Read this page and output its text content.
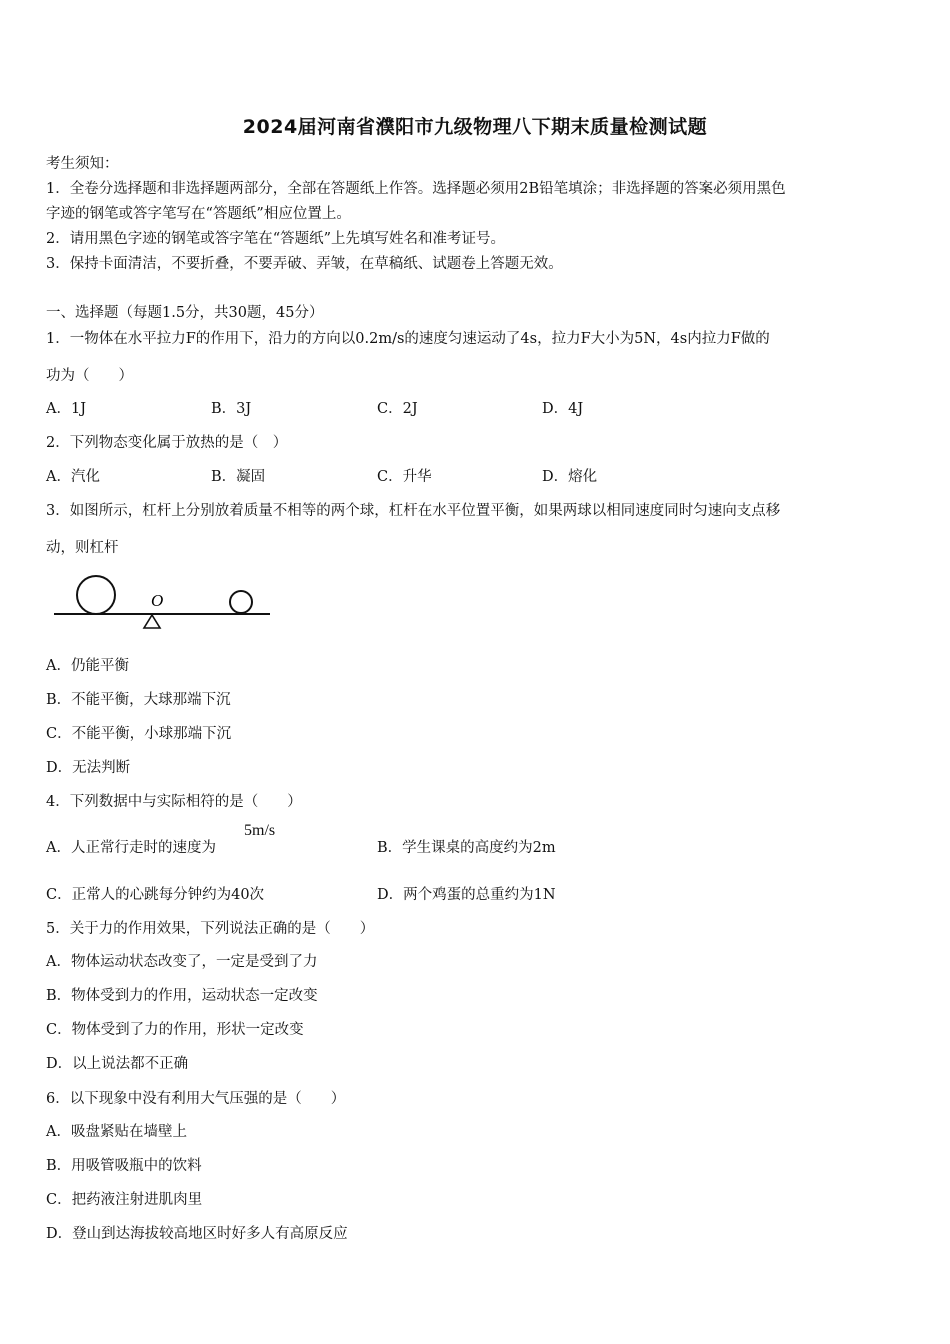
2024届河南省濮阳市九级物理八下期末质量检测试题
考生须知：
1．全卷分选择题和非选择题两部分，全部在答题纸上作答。选择题必须用2B铅笔填涂；非选择题的答案必须用黑色
字迹的钢笔或答字笔写在“答题纸”相应位置上。
2．请用黑色字迹的钢笔或答字笔在“答题纸”上先填写姓名和准考证号。
3．保持卡面清洁，不要折叠，不要弄破、弄皱，在草稿纸、试题卷上答题无效。
一、选择题（每题1.5分，共30题，45分）
1．一物体在水平拉力F的作用下，沿力的方向以0.2m/s的速度匀速运动了4s，拉力F大小为5N，4s内拉力F做的
功为（　　）
A．1J	B．3J	C．2J	D．4J
2．下列物态变化属于放热的是（　）
A．汽化	B．凝固	C．升华	D．熔化
3．如图所示，杠杆上分别放着质量不相等的两个球，杠杆在水平位置平衡，如果两球以相同速度同时匀速向支点移
动，则杠杆
O
A．仍能平衡
B．不能平衡，大球那端下沉
C．不能平衡，小球那端下沉
D．无法判断
4．下列数据中与实际相符的是（　　）
A．人正常行走时的速度为
5m/s
B．学生课桌的高度约为2m
C．正常人的心跳每分钟约为40次	D．两个鸡蛋的总重约为1N
5．关于力的作用效果，下列说法正确的是（　　）
A．物体运动状态改变了，一定是受到了力
B．物体受到力的作用，运动状态一定改变
C．物体受到了力的作用，形状一定改变
D．以上说法都不正确
6．以下现象中没有利用大气压强的是（　　）
A．吸盘紧贴在墙壁上
B．用吸管吸瓶中的饮料
C．把药液注射进肌肉里
D．登山到达海拔较高地区时好多人有高原反应
